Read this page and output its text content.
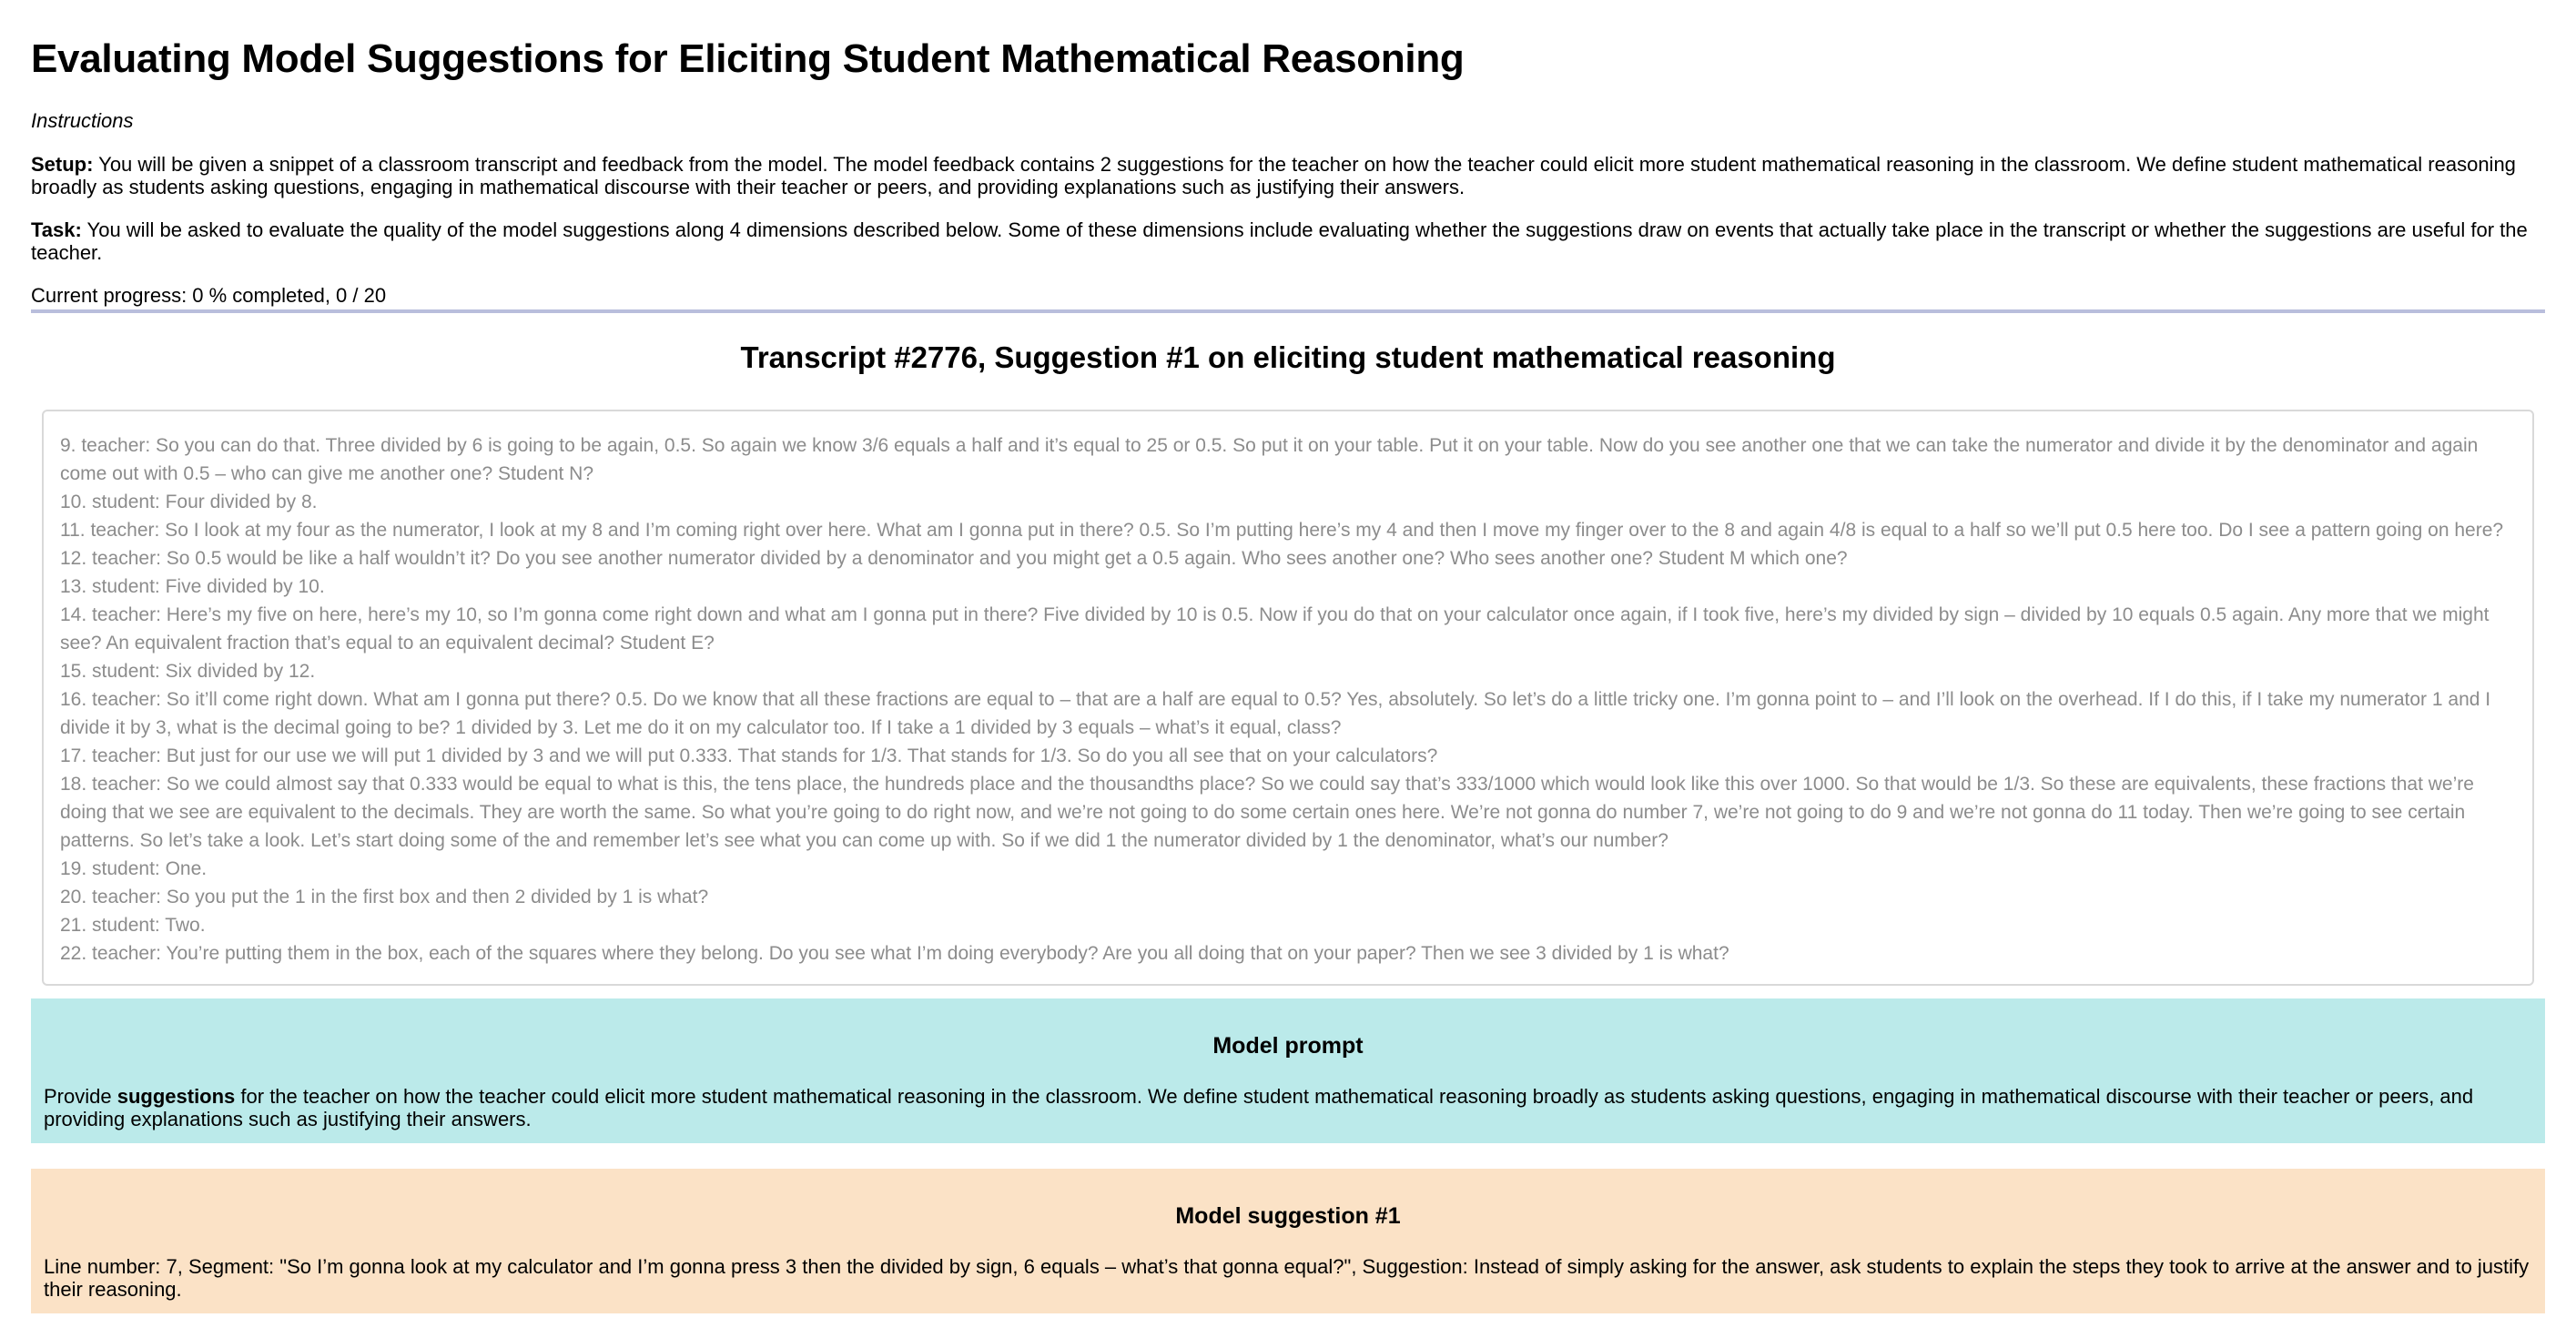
Evaluating Model Suggestions for Eliciting Student Mathematical Reasoning
Instructions
Setup: You will be given a snippet of a classroom transcript and feedback from the model. The model feedback contains 2 suggestions for the teacher on how the teacher could elicit more student mathematical reasoning in the classroom. We define student mathematical reasoning broadly as students asking questions, engaging in mathematical discourse with their teacher or peers, and providing explanations such as justifying their answers.
Task: You will be asked to evaluate the quality of the model suggestions along 4 dimensions described below. Some of these dimensions include evaluating whether the suggestions draw on events that actually take place in the transcript or whether the suggestions are useful for the teacher.
Current progress: 0 % completed, 0 / 20
Transcript #2776, Suggestion #1 on eliciting student mathematical reasoning
9. teacher: So you can do that. Three divided by 6 is going to be again, 0.5. So again we know 3/6 equals a half and it’s equal to 25 or 0.5. So put it on your table. Put it on your table. Now do you see another one that we can take the numerator and divide it by the denominator and again come out with 0.5 – who can give me another one? Student N?
10. student: Four divided by 8.
11. teacher: So I look at my four as the numerator, I look at my 8 and I’m coming right over here. What am I gonna put in there? 0.5. So I’m putting here’s my 4 and then I move my finger over to the 8 and again 4/8 is equal to a half so we’ll put 0.5 here too. Do I see a pattern going on here?
12. teacher: So 0.5 would be like a half wouldn’t it? Do you see another numerator divided by a denominator and you might get a 0.5 again. Who sees another one? Who sees another one? Student M which one?
13. student: Five divided by 10.
14. teacher: Here’s my five on here, here’s my 10, so I’m gonna come right down and what am I gonna put in there? Five divided by 10 is 0.5. Now if you do that on your calculator once again, if I took five, here’s my divided by sign – divided by 10 equals 0.5 again. Any more that we might see? An equivalent fraction that’s equal to an equivalent decimal? Student E?
15. student: Six divided by 12.
16. teacher: So it’ll come right down. What am I gonna put there? 0.5. Do we know that all these fractions are equal to – that are a half are equal to 0.5? Yes, absolutely. So let’s do a little tricky one. I’m gonna point to – and I’ll look on the overhead. If I do this, if I take my numerator 1 and I divide it by 3, what is the decimal going to be? 1 divided by 3. Let me do it on my calculator too. If I take a 1 divided by 3 equals – what’s it equal, class?
17. teacher: But just for our use we will put 1 divided by 3 and we will put 0.333. That stands for 1/3. That stands for 1/3. So do you all see that on your calculators?
18. teacher: So we could almost say that 0.333 would be equal to what is this, the tens place, the hundreds place and the thousandths place? So we could say that’s 333/1000 which would look like this over 1000. So that would be 1/3. So these are equivalents, these fractions that we’re doing that we see are equivalent to the decimals. They are worth the same. So what you’re going to do right now, and we’re not going to do some certain ones here. We’re not gonna do number 7, we’re not going to do 9 and we’re not gonna do 11 today. Then we’re going to see certain patterns. So let’s take a look. Let’s start doing some of the and remember let’s see what you can come up with. So if we did 1 the numerator divided by 1 the denominator, what’s our number?
19. student: One.
20. teacher: So you put the 1 in the first box and then 2 divided by 1 is what?
21. student: Two.
22. teacher: You’re putting them in the box, each of the squares where they belong. Do you see what I’m doing everybody? Are you all doing that on your paper? Then we see 3 divided by 1 is what?
Model prompt

Provide suggestions for the teacher on how the teacher could elicit more student mathematical reasoning in the classroom. We define student mathematical reasoning broadly as students asking questions, engaging in mathematical discourse with their teacher or peers, and providing explanations such as justifying their answers.

Model suggestion #1

Line number: 7, Segment: "So I’m gonna look at my calculator and I’m gonna press 3 then the divided by sign, 6 equals – what’s that gonna equal?", Suggestion: Instead of simply asking for the answer, ask students to explain the steps they took to arrive at the answer and to justify their reasoning.
